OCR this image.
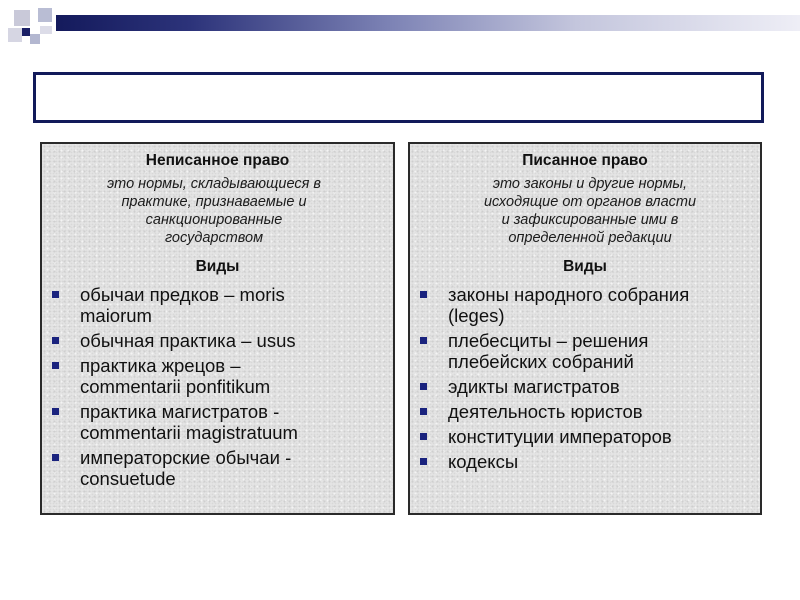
Неписанное право
это нормы, складывающиеся в
практике, признаваемые и
санкционированные
государством
Виды
обычаи предков – moris
maiorum
обычная практика – usus
практика жрецов –
commentarii ponfitikum
практика магистратов -
commentarii magistratuum
императорские обычаи -
consuetude
Писанное право
это законы и другие нормы,
исходящие от органов власти
и зафиксированные ими в
определенной редакции
Виды
законы народного собрания
(leges)
плебесциты – решения
плебейских собраний
эдикты магистратов
деятельность юристов
конституции императоров
кодексы
